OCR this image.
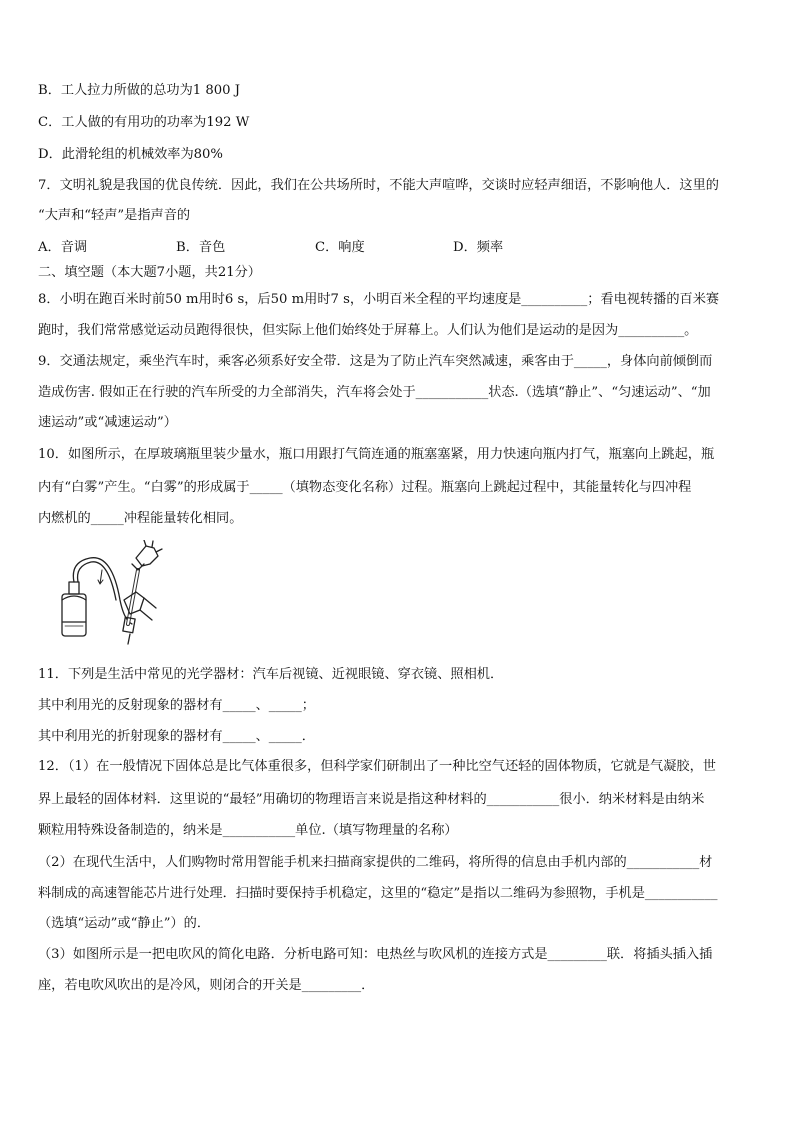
B．工人拉力所做的总功为1 800 J
C．工人做的有用功的功率为192 W
D．此滑轮组的机械效率为80%
7．文明礼貌是我国的优良传统．因此，我们在公共场所时，不能大声喧哗，交谈时应轻声细语，不影响他人．这里的
“大声和“轻声”是指声音的
A．音调	B．音色	C．响度	D．频率
二、填空题（本大题7小题，共21分）
8．小明在跑百米时前50 m用时6 s，后50 m用时7 s，小明百米全程的平均速度是__________；看电视转播的百米赛
跑时，我们常常感觉运动员跑得很快，但实际上他们始终处于屏幕上。人们认为他们是运动的是因为__________。
9．交通法规定，乘坐汽车时，乘客必须系好安全带．这是为了防止汽车突然减速，乘客由于_____，身体向前倾倒而
造成伤害. 假如正在行驶的汽车所受的力全部消失，汽车将会处于___________状态.（选填“静止”、“匀速运动”、“加
速运动”或“减速运动”）
10．如图所示，在厚玻璃瓶里装少量水，瓶口用跟打气筒连通的瓶塞塞紧，用力快速向瓶内打气，瓶塞向上跳起，瓶
内有“白雾”产生。“白雾”的形成属于_____（填物态变化名称）过程。瓶塞向上跳起过程中，其能量转化与四冲程
内燃机的_____冲程能量转化相同。
11．下列是生活中常见的光学器材：汽车后视镜、近视眼镜、穿衣镜、照相机．
其中利用光的反射现象的器材有_____、_____；
其中利用光的折射现象的器材有_____、_____．
12．（1）在一般情况下固体总是比气体重很多，但科学家们研制出了一种比空气还轻的固体物质，它就是气凝胶，世
界上最轻的固体材料．这里说的“最轻”用确切的物理语言来说是指这种材料的___________很小．纳米材料是由纳米
颗粒用特殊设备制造的，纳米是___________单位.（填写物理量的名称）
（2）在现代生活中，人们购物时常用智能手机来扫描商家提供的二维码，将所得的信息由手机内部的___________材
料制成的高速智能芯片进行处理．扫描时要保持手机稳定，这里的“稳定”是指以二维码为参照物，手机是___________
（选填“运动”或“静止”）的．
（3）如图所示是一把电吹风的简化电路．分析电路可知：电热丝与吹风机的连接方式是_________联．将插头插入插
座，若电吹风吹出的是冷风，则闭合的开关是_________．
